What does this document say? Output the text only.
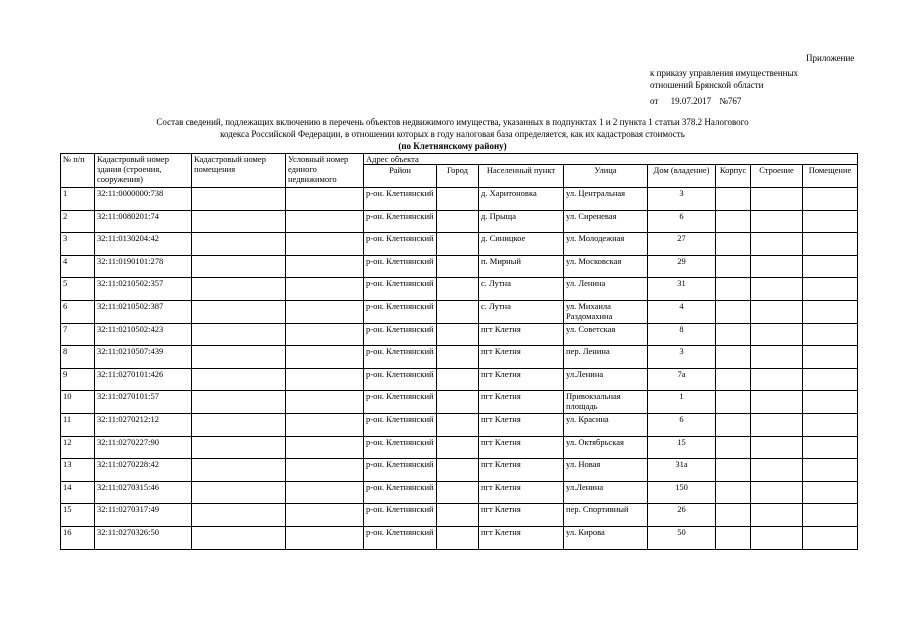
Приложение
к приказу управления имущественных
отношений Брянской области
от 19.07.2017 №767
Состав сведений, подлежащих включению в перечень объектов недвижимого имущества, указанных в подпунктах 1 и 2 пункта 1 статьи 378.2 Налогового
кодекса Российской Федерации, в отношении которых в году налоговая база определяется, как их кадастровая стоимость
(по Клетнянскому району)
№ п/п	Кадастровый номер здания (строения, сооружения)	Кадастровый номер помещения	Условный номер единого недвижимого	Адрес объекта							
				Район	Город	Населенный пункт	Улица	Дом (владение)	Корпус	Строение	Помещение
1	32:11:0000000:738			р-он. Клетнянский		д. Харитоновка	ул. Центральная	3			
2	32:11:0080201:74			р-он. Клетнянский		д. Прыща	ул. Сиреневая	6			
3	32:11:0130204:42			р-он. Клетнянский		д. Синицкое	ул. Молодежная	27			
4	32:11:0190101:278			р-он. Клетнянский		п. Мирный	ул. Московская	29			
5	32:11:0210502:357			р-он. Клетнянский		с. Лутна	ул. Ленина	31			
6	32:11:0210502:387			р-он. Клетнянский		с. Лутна	ул. Михаила Раздомахина	4			
7	32:11:0210502:423			р-он. Клетнянский		пгт Клетня	ул. Советская	8			
8	32:11:0210507:439			р-он. Клетнянский		пгт Клетня	пер. Ленина	3			
9	32:11:0270101:426			р-он. Клетнянский		пгт Клетня	ул.Ленина	7а			
10	32:11:0270101:57			р-он. Клетнянский		пгт Клетня	Привокзальная площадь	1			
11	32:11:0270212:12			р-он. Клетнянский		пгт Клетня	ул. Красина	6			
12	32:11:0270227:90			р-он. Клетнянский		пгт Клетня	ул. Октябрьская	15			
13	32:11:0270228:42			р-он. Клетнянский		пгт Клетня	ул. Новая	31а			
14	32:11:0270315:46			р-он. Клетнянский		пгт Клетня	ул.Ленина	150			
15	32:11:0270317:49			р-он. Клетнянский		пгт Клетня	пер. Спортивный	26			
16	32:11:0270326:50			р-он. Клетнянский		пгт Клетня	ул. Кирова	50			
